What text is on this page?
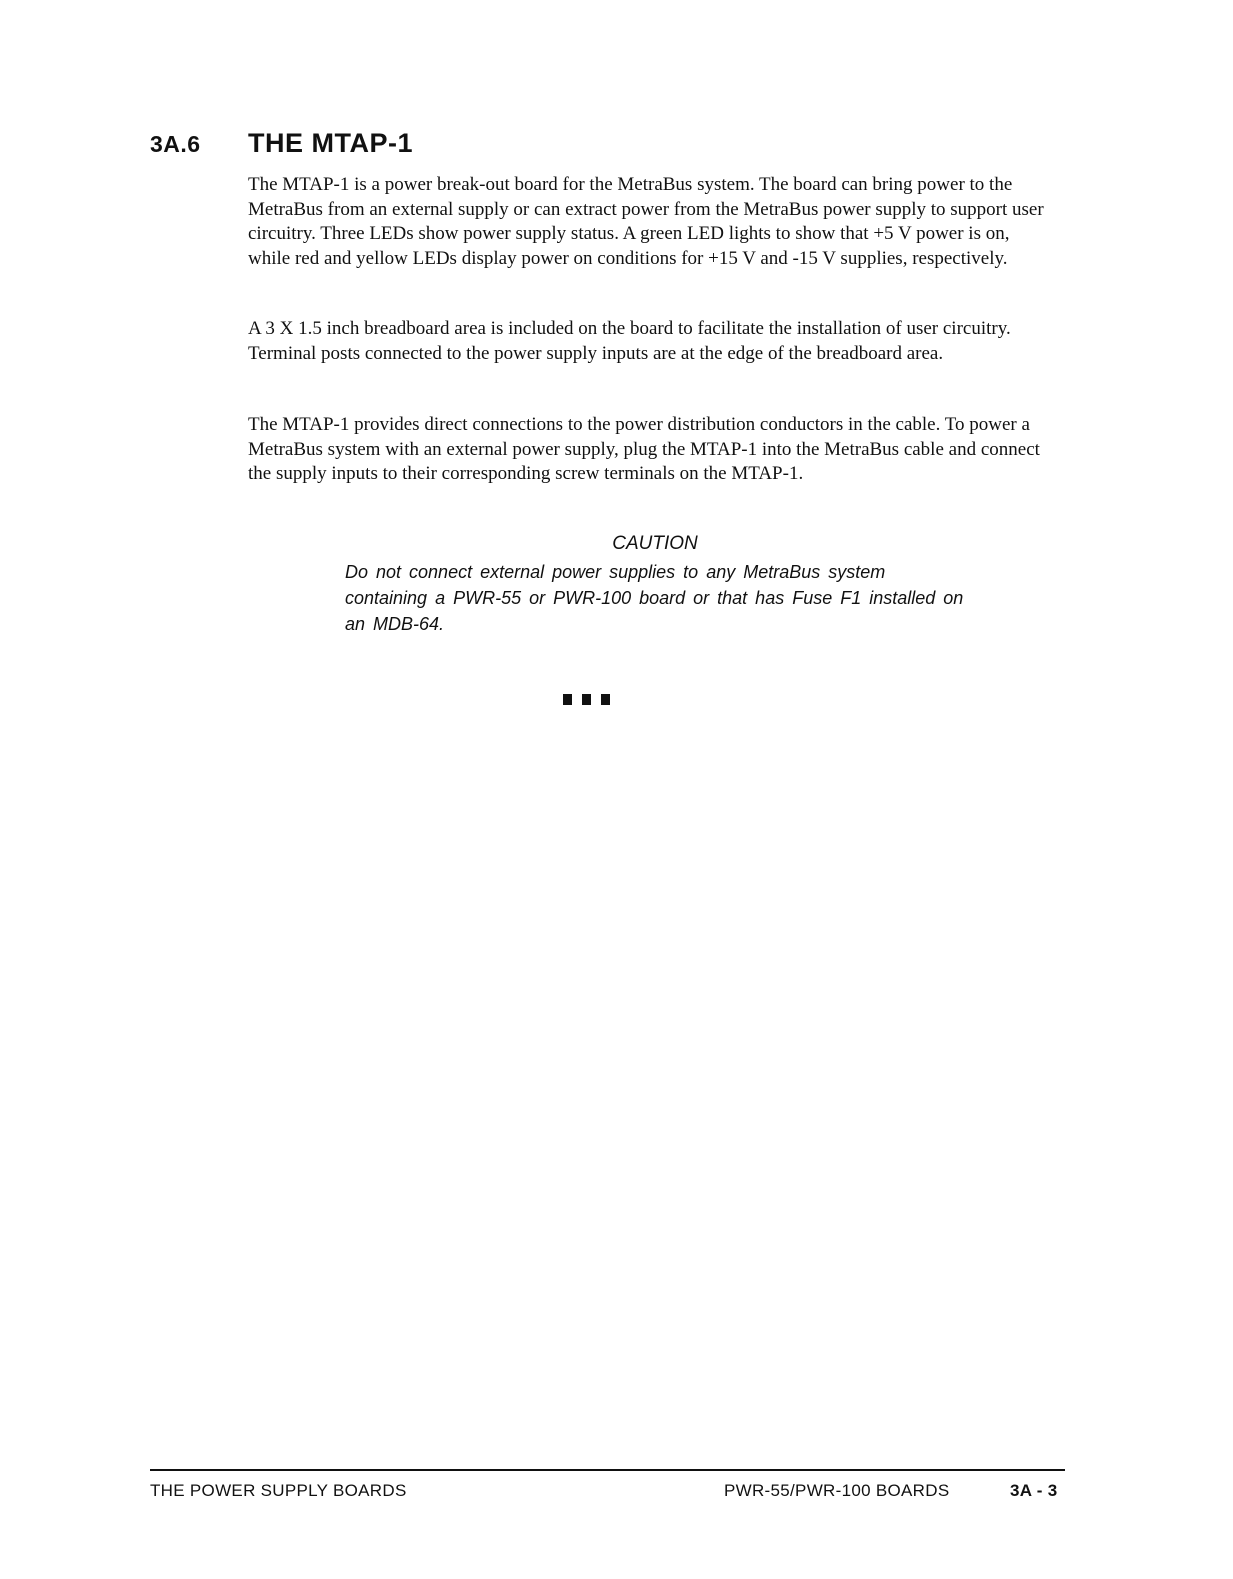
3A.6 THE MTAP-1

The MTAP-1 is a power break-out board for the MetraBus system. The board can bring power to the MetraBus from an external supply or can extract power from the MetraBus power supply to support user circuitry. Three LEDs show power supply status. A green LED lights to show that +5 V power is on, while red and yellow LEDs display power on conditions for +15 V and -15 V supplies, respectively.

A 3 X 1.5 inch breadboard area is included on the board to facilitate the installation of user circuitry. Terminal posts connected to the power supply inputs are at the edge of the breadboard area.

The MTAP-1 provides direct connections to the power distribution conductors in the cable. To power a MetraBus system with an external power supply, plug the MTAP-1 into the MetraBus cable and connect the supply inputs to their corresponding screw terminals on the MTAP-1.

CAUTION

Do not connect external power supplies to any MetraBus system containing a PWR-55 or PWR-100 board or that has Fuse F1 installed on an MDB-64.

THE POWER SUPPLY BOARDS	PWR-55/PWR-100 BOARDS	3A - 3
